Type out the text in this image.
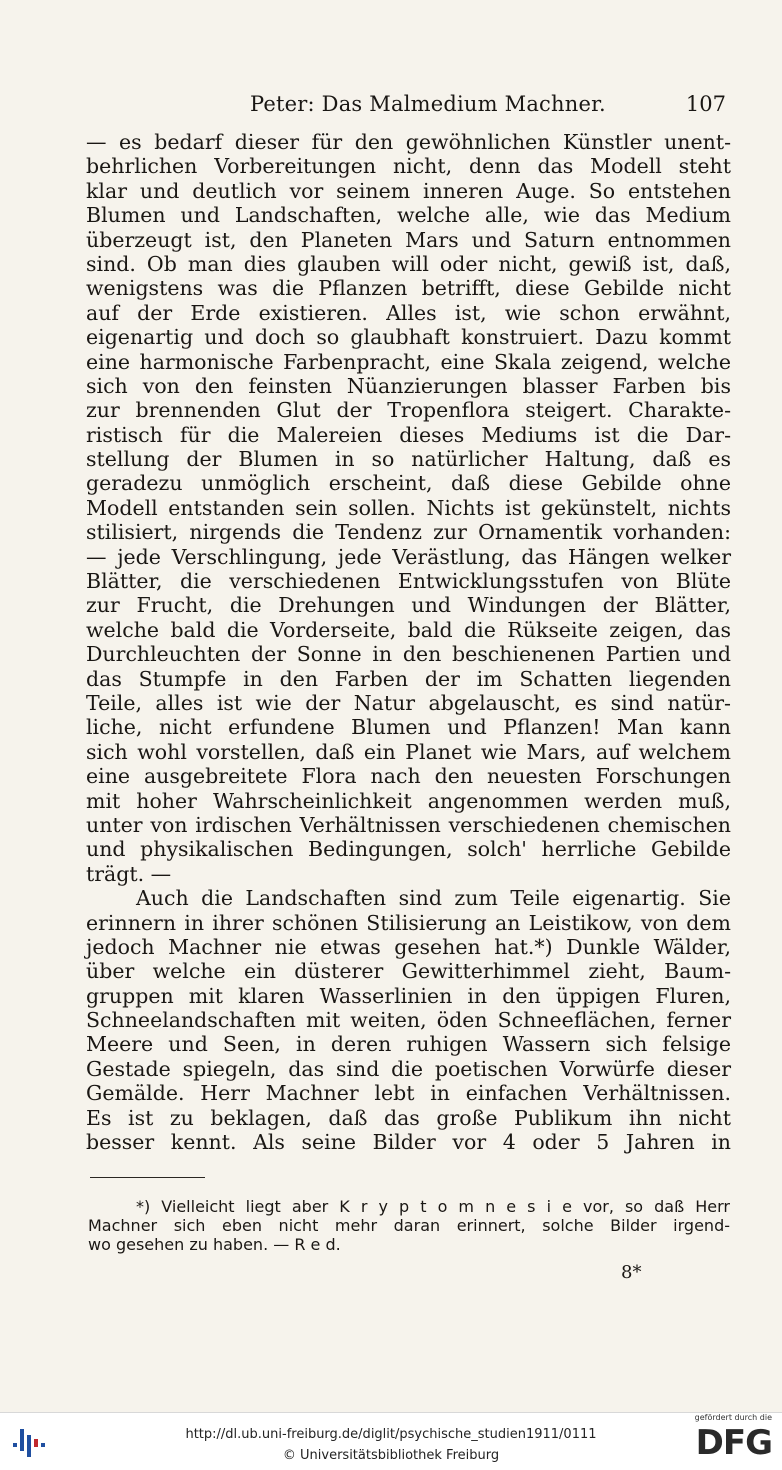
Peter: Das Malmedium Machner.	107
— es bedarf dieser für den gewöhnlichen Künstler unent-
behrlichen Vorbereitungen nicht, denn das Modell steht
klar und deutlich vor seinem inneren Auge. So entstehen
Blumen und Landschaften, welche alle, wie das Medium
überzeugt ist, den Planeten Mars und Saturn entnommen
sind. Ob man dies glauben will oder nicht, gewiß ist, daß,
wenigstens was die Pflanzen betrifft, diese Gebilde nicht
auf der Erde existieren. Alles ist, wie schon erwähnt,
eigenartig und doch so glaubhaft konstruiert. Dazu kommt
eine harmonische Farbenpracht, eine Skala zeigend, welche
sich von den feinsten Nüanzierungen blasser Farben bis
zur brennenden Glut der Tropenflora steigert. Charakte-
ristisch für die Malereien dieses Mediums ist die Dar-
stellung der Blumen in so natürlicher Haltung, daß es
geradezu unmöglich erscheint, daß diese Gebilde ohne
Modell entstanden sein sollen. Nichts ist gekünstelt, nichts
stilisiert, nirgends die Tendenz zur Ornamentik vorhanden:
— jede Verschlingung, jede Verästlung, das Hängen welker
Blätter, die verschiedenen Entwicklungsstufen von Blüte
zur Frucht, die Drehungen und Windungen der Blätter,
welche bald die Vorderseite, bald die Rükseite zeigen, das
Durchleuchten der Sonne in den beschienenen Partien und
das Stumpfe in den Farben der im Schatten liegenden
Teile, alles ist wie der Natur abgelauscht, es sind natür-
liche, nicht erfundene Blumen und Pflanzen! Man kann
sich wohl vorstellen, daß ein Planet wie Mars, auf welchem
eine ausgebreitete Flora nach den neuesten Forschungen
mit hoher Wahrscheinlichkeit angenommen werden muß,
unter von irdischen Verhältnissen verschiedenen chemischen
und physikalischen Bedingungen, solch' herrliche Gebilde
trägt. —
Auch die Landschaften sind zum Teile eigenartig. Sie
erinnern in ihrer schönen Stilisierung an Leistikow, von dem
jedoch Machner nie etwas gesehen hat.*) Dunkle Wälder,
über welche ein düsterer Gewitterhimmel zieht, Baum-
gruppen mit klaren Wasserlinien in den üppigen Fluren,
Schneelandschaften mit weiten, öden Schneeflächen, ferner
Meere und Seen, in deren ruhigen Wassern sich felsige
Gestade spiegeln, das sind die poetischen Vorwürfe dieser
Gemälde. Herr Machner lebt in einfachen Verhältnissen.
Es ist zu beklagen, daß das große Publikum ihn nicht
besser kennt. Als seine Bilder vor 4 oder 5 Jahren in
*) Vielleicht liegt aber K r y p t o m n e s i e vor, so daß Herr
Machner sich eben nicht mehr daran erinnert, solche Bilder irgend-
wo gesehen zu haben. — R e d.
8*
http://dl.ub.uni-freiburg.de/diglit/psychische_studien1911/0111
© Universitätsbibliothek Freiburg
gefördert durch die
DFG
